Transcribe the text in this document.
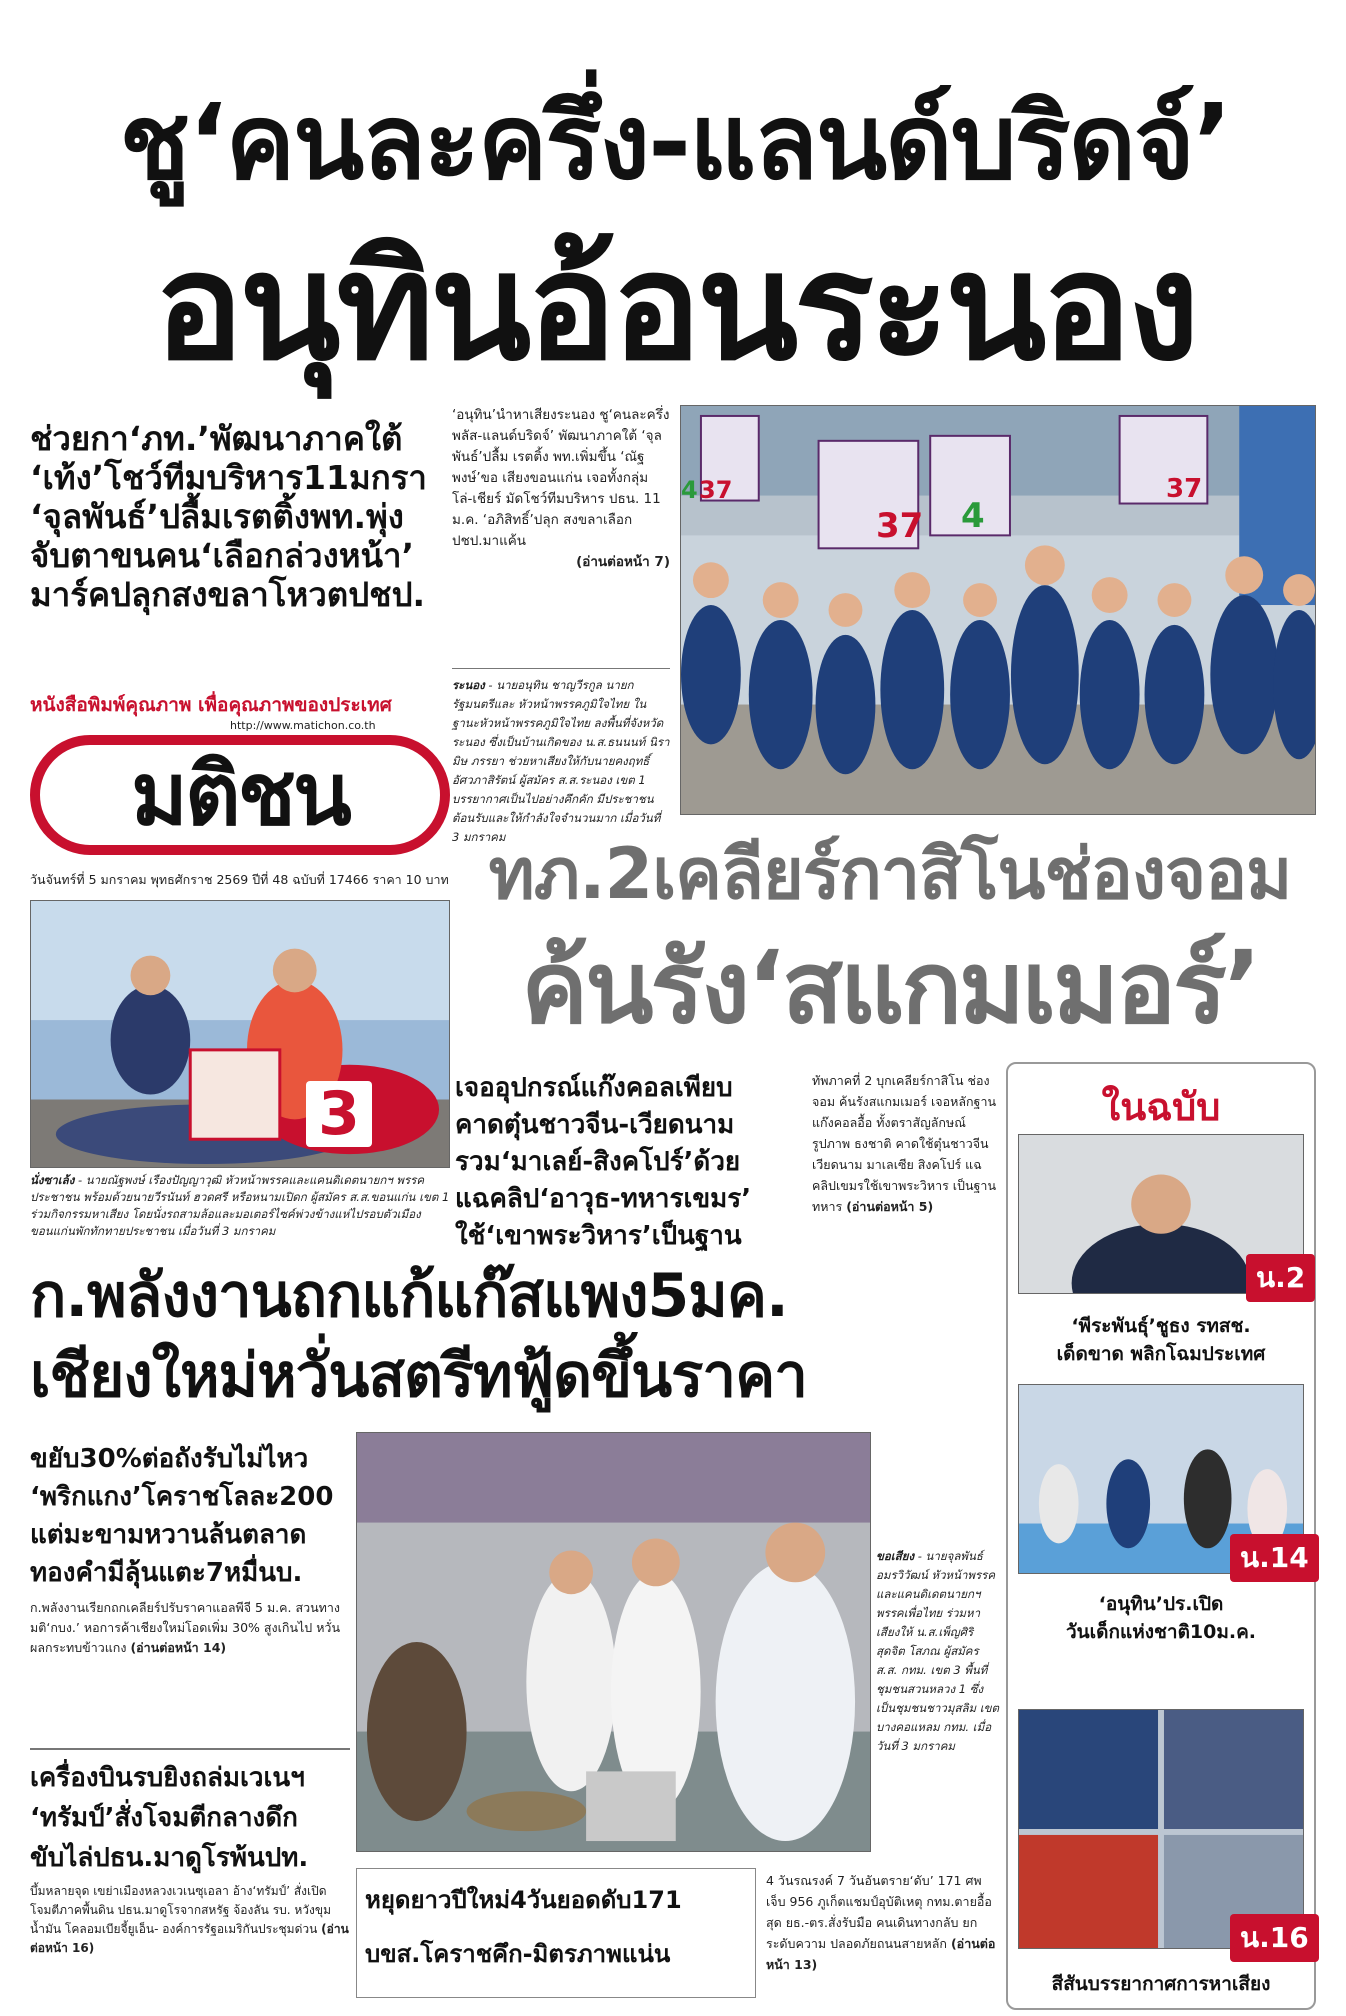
ชู‘คนละครึ่ง-แลนด์บริดจ์’
อนุทินอ้อนระนอง
ช่วยกา‘ภท.’พัฒนาภาคใต้
‘เท้ง’โชว์ทีมบริหาร11มกรา
‘จุลพันธ์’ปลื้มเรตติ้งพท.พุ่ง
จับตาขนคน‘เลือกล่วงหน้า’
มาร์คปลุกสงขลาโหวตปชป.
‘อนุทิน’นำหาเสียงระนอง ชู‘คนละครึ่งพลัส-แลนด์บริดจ์’ พัฒนาภาคใต้ ‘จุลพันธ์’ปลื้ม เรตติ้ง พท.เพิ่มขึ้น ‘ณัฐพงษ์’ขอ เสียงขอนแก่น เจอทั้งกลุ่ม โล่-เชียร์ มัดโชว์ทีมบริหาร ปธน. 11 ม.ค. ‘อภิสิทธิ์’ปลุก สงขลาเลือก ปชป.มาแค้น
(อ่านต่อหน้า 7)
ระนอง - นายอนุทิน ชาญวีรกูล นายกรัฐมนตรีและ หัวหน้าพรรคภูมิใจไทย ในฐานะหัวหน้าพรรคภูมิใจไทย ลงพื้นที่จังหวัดระนอง ซึ่งเป็นบ้านเกิดของ น.ส.ธนนนท์ นิรามิษ ภรรยา ช่วยหาเสียงให้กับนายคงฤทธิ์ อัศวภาสิรัตน์ ผู้สมัคร ส.ส.ระนอง เขต 1 บรรยากาศเป็นไปอย่างคึกคัก มีประชาชนต้อนรับและให้กำลังใจจำนวนมาก เมื่อวันที่ 3 มกราคม
37
4
37 4
37
หนังสือพิมพ์คุณภาพ เพื่อคุณภาพของประเทศ
http://www.matichon.co.th
มติชน
วันจันทร์ที่ 5 มกราคม พุทธศักราช 2569 ปีที่ 48 ฉบับที่ 17466 ราคา 10 บาท ทภ.2เคลียร์กาสิโนช่องจอม
ค้นรัง‘สแกมเมอร์’
3
นั่งซาเล้ง - นายณัฐพงษ์ เรืองปัญญาวุฒิ หัวหน้าพรรคและแคนดิเดตนายกฯ พรรคประชาชน พร้อมด้วยนายวีรนันท์ ฮวดศรี หรือหนามเปิดก ผู้สมัคร ส.ส.ขอนแก่น เขต 1 ร่วมกิจกรรมหาเสียง โดยนั่งรถสามล้อและมอเตอร์ไซค์พ่วงข้างแห่ไปรอบตัวเมืองขอนแก่นพักทักทายประชาชน เมื่อวันที่ 3 มกราคม
เจออุปกรณ์แก๊งคอลเพียบ
คาดตุ๋นชาวจีน-เวียดนาม
รวม‘มาเลย์-สิงคโปร์’ด้วย
แฉคลิป‘อาวุธ-ทหารเขมร’
ใช้‘เขาพระวิหาร’เป็นฐาน
ทัพภาคที่ 2 บุกเคลียร์กาสิโน ช่องจอม ค้นรังสแกมเมอร์ เจอหลักฐานแก๊งคอลอื้อ ทั้งตราสัญลักษณ์ รูปภาพ ธงชาติ คาดใช้ตุ๋นชาวจีน เวียดนาม มาเลเซีย สิงคโปร์ แฉคลิปเขมรใช้เขาพระวิหาร เป็นฐานทหาร (อ่านต่อหน้า 5)
ในฉบับ
น.2
‘พีระพันธุ์’ชูธง รทสช.
เด็ดขาด พลิกโฉมประเทศ
น.14
‘อนุทิน’ปร.เปิด
วันเด็กแห่งชาติ10ม.ค.
น.16
สีสันบรรยากาศการหาเสียง
ก.พลังงานถกแก้แก๊สแพง5มค.
เชียงใหม่หวั่นสตรีทฟู้ดขึ้นราคา
ขยับ30%ต่อถังรับไม่ไหว
‘พริกแกง’โคราชโลละ200
แต่มะขามหวานล้นตลาด
ทองคำมีลุ้นแตะ7หมื่นบ.
ก.พลังงานเรียกถกเคลียร์ปรับราคาแอลพีจี 5 ม.ค. สวนทางมติ‘กบง.’ หอการค้าเชียงใหม่โอดเพิ่ม 30% สูงเกินไป หวั่นผลกระทบข้าวแกง (อ่านต่อหน้า 14)
ขอเสียง - นายจุลพันธ์ อมรวิวัฒน์ หัวหน้าพรรคและแคนดิเดตนายกฯ พรรคเพื่อไทย ร่วมหาเสียงให้ น.ส.เพ็ญศิริ สุดจิต โสภณ ผู้สมัคร ส.ส. กทม. เขต 3 พื้นที่ชุมชนสวนหลวง 1 ซึ่งเป็นชุมชนชาวมุสลิม เขตบางคอแหลม กทม. เมื่อวันที่ 3 มกราคม
เครื่องบินรบยิงถล่มเวเนฯ
‘ทรัมป์’สั่งโจมตีกลางดึก
ขับไล่ปธน.มาดูโรพ้นปท.
บึ้มหลายจุด เขย่าเมืองหลวงเวเนซุเอลา อ้าง‘ทรัมป์’ สั่งเปิดโจมตีภาคพื้นดิน ปธน.มาดูโรจากสหรัฐ จ้องลัน รบ. หวังขุมน้ำมัน โคลอมเบียจี้ยูเอ็น- องค์การรัฐอเมริกันประชุมด่วน (อ่านต่อหน้า 16)
หยุดยาวปีใหม่4วันยอดดับ171
บขส.โคราชคึก-มิตรภาพแน่น
4 วันรณรงค์ 7 วันอันตราย‘ดับ’ 171 ศพ เจ็บ 956 ภูเก็ตแชมป์อุบัติเหตุ กทม.ตายอื้อสุด ยธ.-ตร.สั่งรับมือ คนเดินทางกลับ ยกระดับความ ปลอดภัยถนนสายหลัก (อ่านต่อหน้า 13)
